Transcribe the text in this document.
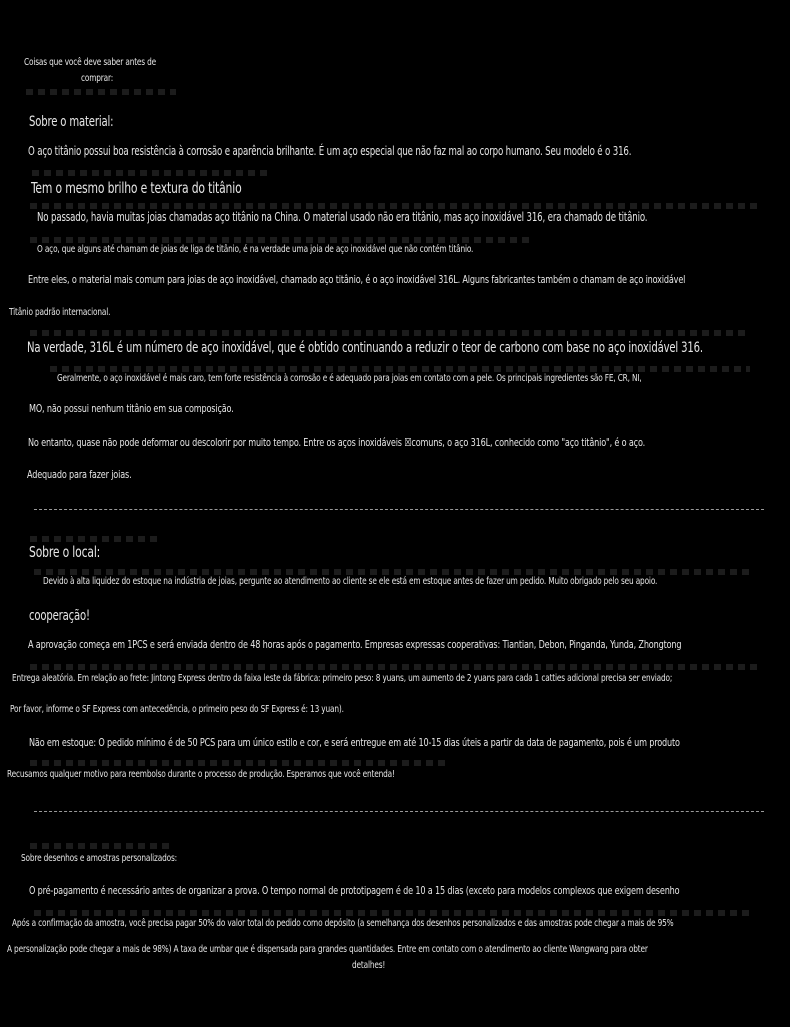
Coisas que você deve saber antes de
comprar:
Sobre o material:
O aço titânio possui boa resistência à corrosão e aparência brilhante. É um aço especial que não faz mal ao corpo humano. Seu modelo é o 316.
Tem o mesmo brilho e textura do titânio
No passado, havia muitas joias chamadas aço titânio na China. O material usado não era titânio, mas aço inoxidável 316, era chamado de titânio.
O aço, que alguns até chamam de joias de liga de titânio, é na verdade uma joia de aço inoxidável que não contém titânio.
Entre eles, o material mais comum para joias de aço inoxidável, chamado aço titânio, é o aço inoxidável 316L. Alguns fabricantes também o chamam de aço inoxidável
Titânio padrão internacional.
Na verdade, 316L é um número de aço inoxidável, que é obtido continuando a reduzir o teor de carbono com base no aço inoxidável 316.
Geralmente, o aço inoxidável é mais caro, tem forte resistência à corrosão e é adequado para joias em contato com a pele. Os principais ingredientes são FE, CR, NI,
MO, não possui nenhum titânio em sua composição.
No entanto, quase não pode deformar ou descolorir por muito tempo. Entre os aços inoxidáveis ☒comuns, o aço 316L, conhecido como "aço titânio", é o aço.
Adequado para fazer joias.
Sobre o local:
Devido à alta liquidez do estoque na indústria de joias, pergunte ao atendimento ao cliente se ele está em estoque antes de fazer um pedido. Muito obrigado pelo seu apoio.
cooperação!
A aprovação começa em 1PCS e será enviada dentro de 48 horas após o pagamento. Empresas expressas cooperativas: Tiantian, Debon, Pinganda, Yunda, Zhongtong
Entrega aleatória. Em relação ao frete: Jintong Express dentro da faixa leste da fábrica: primeiro peso: 8 yuans, um aumento de 2 yuans para cada 1 catties adicional precisa ser enviado;
Por favor, informe o SF Express com antecedência, o primeiro peso do SF Express é: 13 yuan).
Não em estoque: O pedido mínimo é de 50 PCS para um único estilo e cor, e será entregue em até 10-15 dias úteis a partir da data de pagamento, pois é um produto
Recusamos qualquer motivo para reembolso durante o processo de produção. Esperamos que você entenda!
Sobre desenhos e amostras personalizados:
O pré-pagamento é necessário antes de organizar a prova. O tempo normal de prototipagem é de 10 a 15 dias (exceto para modelos complexos que exigem desenho
Após a confirmação da amostra, você precisa pagar 50% do valor total do pedido como depósito (a semelhança dos desenhos personalizados e das amostras pode chegar a mais de 95%
A personalização pode chegar a mais de 98%) A taxa de umbar que é dispensada para grandes quantidades. Entre em contato com o atendimento ao cliente Wangwang para obter
detalhes!
